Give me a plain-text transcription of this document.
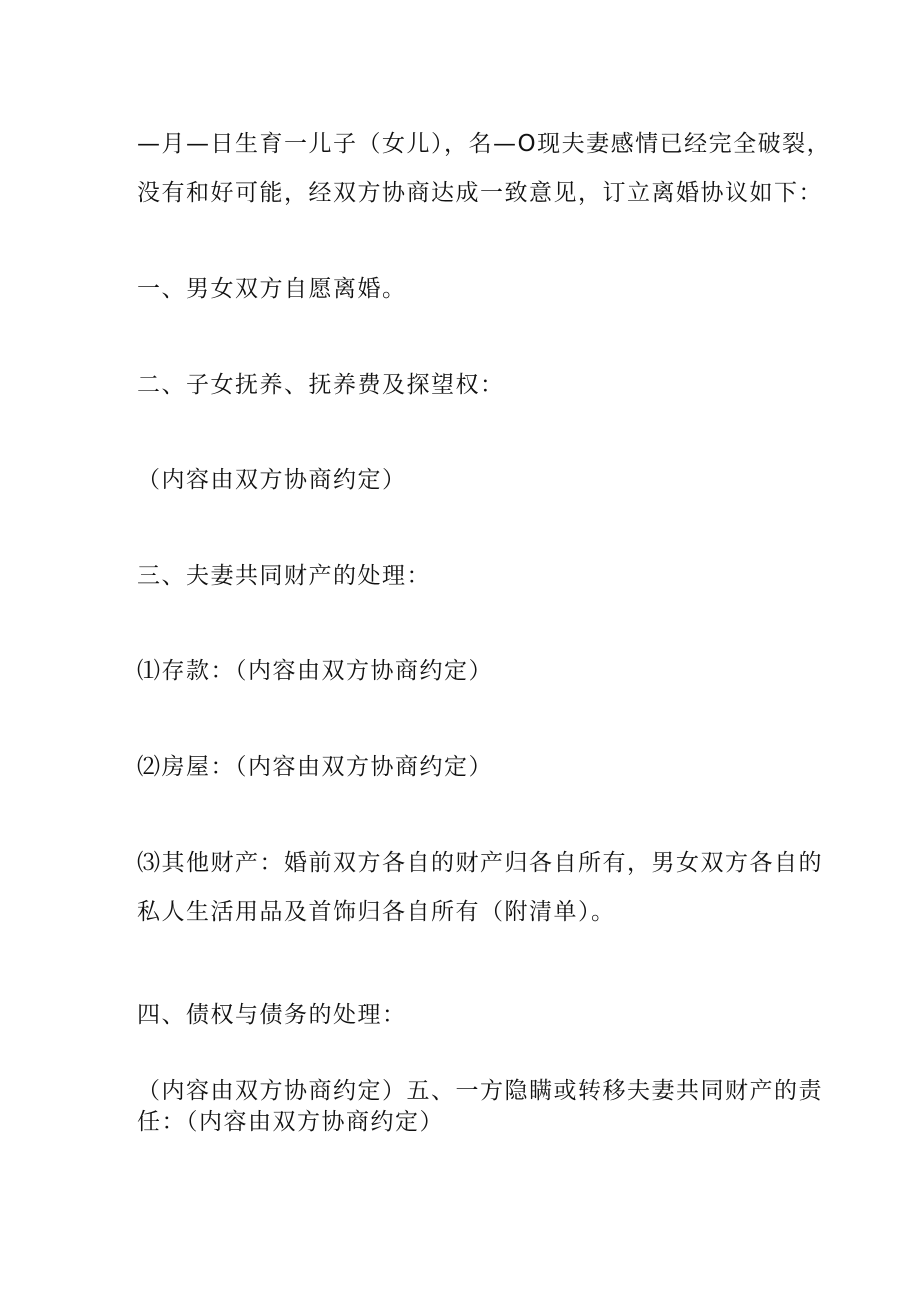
—月—日生育一儿子（女儿），名—O现夫妻感情已经完全破裂，

没有和好可能，经双方协商达成一致意见，订立离婚协议如下：

一、男女双方自愿离婚。

二、子女抚养、抚养费及探望权：

（内容由双方协商约定）

三、夫妻共同财产的处理：

⑴存款：（内容由双方协商约定）

⑵房屋：（内容由双方协商约定）

⑶其他财产：婚前双方各自的财产归各自所有，男女双方各自的

私人生活用品及首饰归各自所有（附清单）。

四、债权与债务的处理：

（内容由双方协商约定）五、一方隐瞒或转移夫妻共同财产的责

任：（内容由双方协商约定）
